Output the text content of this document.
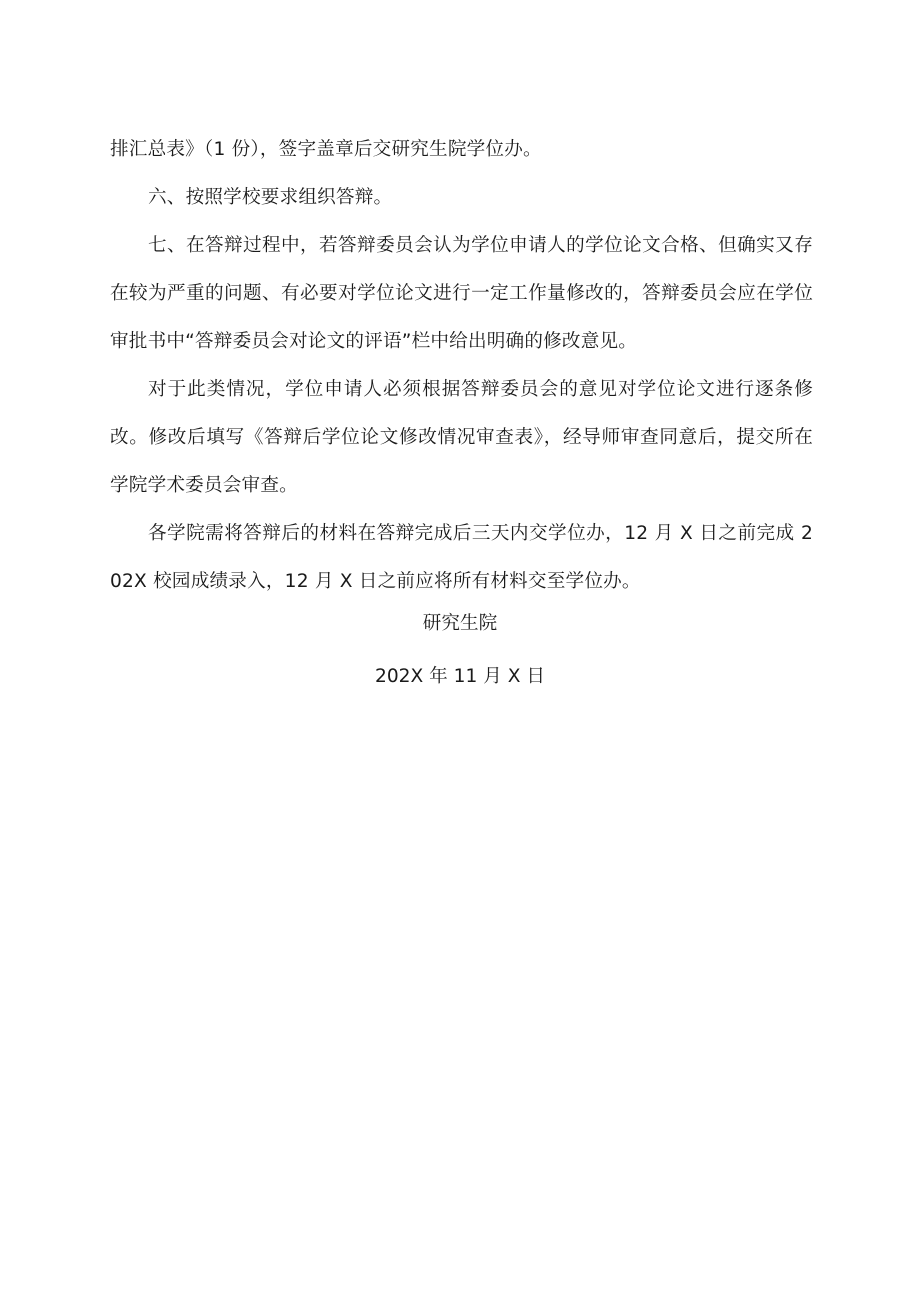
排汇总表》（1 份），签字盖章后交研究生院学位办。

六、按照学校要求组织答辩。

七、在答辩过程中，若答辩委员会认为学位申请人的学位论文合格、但确实又存在较为严重的问题、有必要对学位论文进行一定工作量修改的，答辩委员会应在学位审批书中“答辩委员会对论文的评语”栏中给出明确的修改意见。

对于此类情况，学位申请人必须根据答辩委员会的意见对学位论文进行逐条修改。修改后填写《答辩后学位论文修改情况审查表》，经导师审查同意后，提交所在学院学术委员会审查。

各学院需将答辩后的材料在答辩完成后三天内交学位办，12 月 X 日之前完成 202X 校园成绩录入，12 月 X 日之前应将所有材料交至学位办。

研究生院
202X 年 11 月 X 日
